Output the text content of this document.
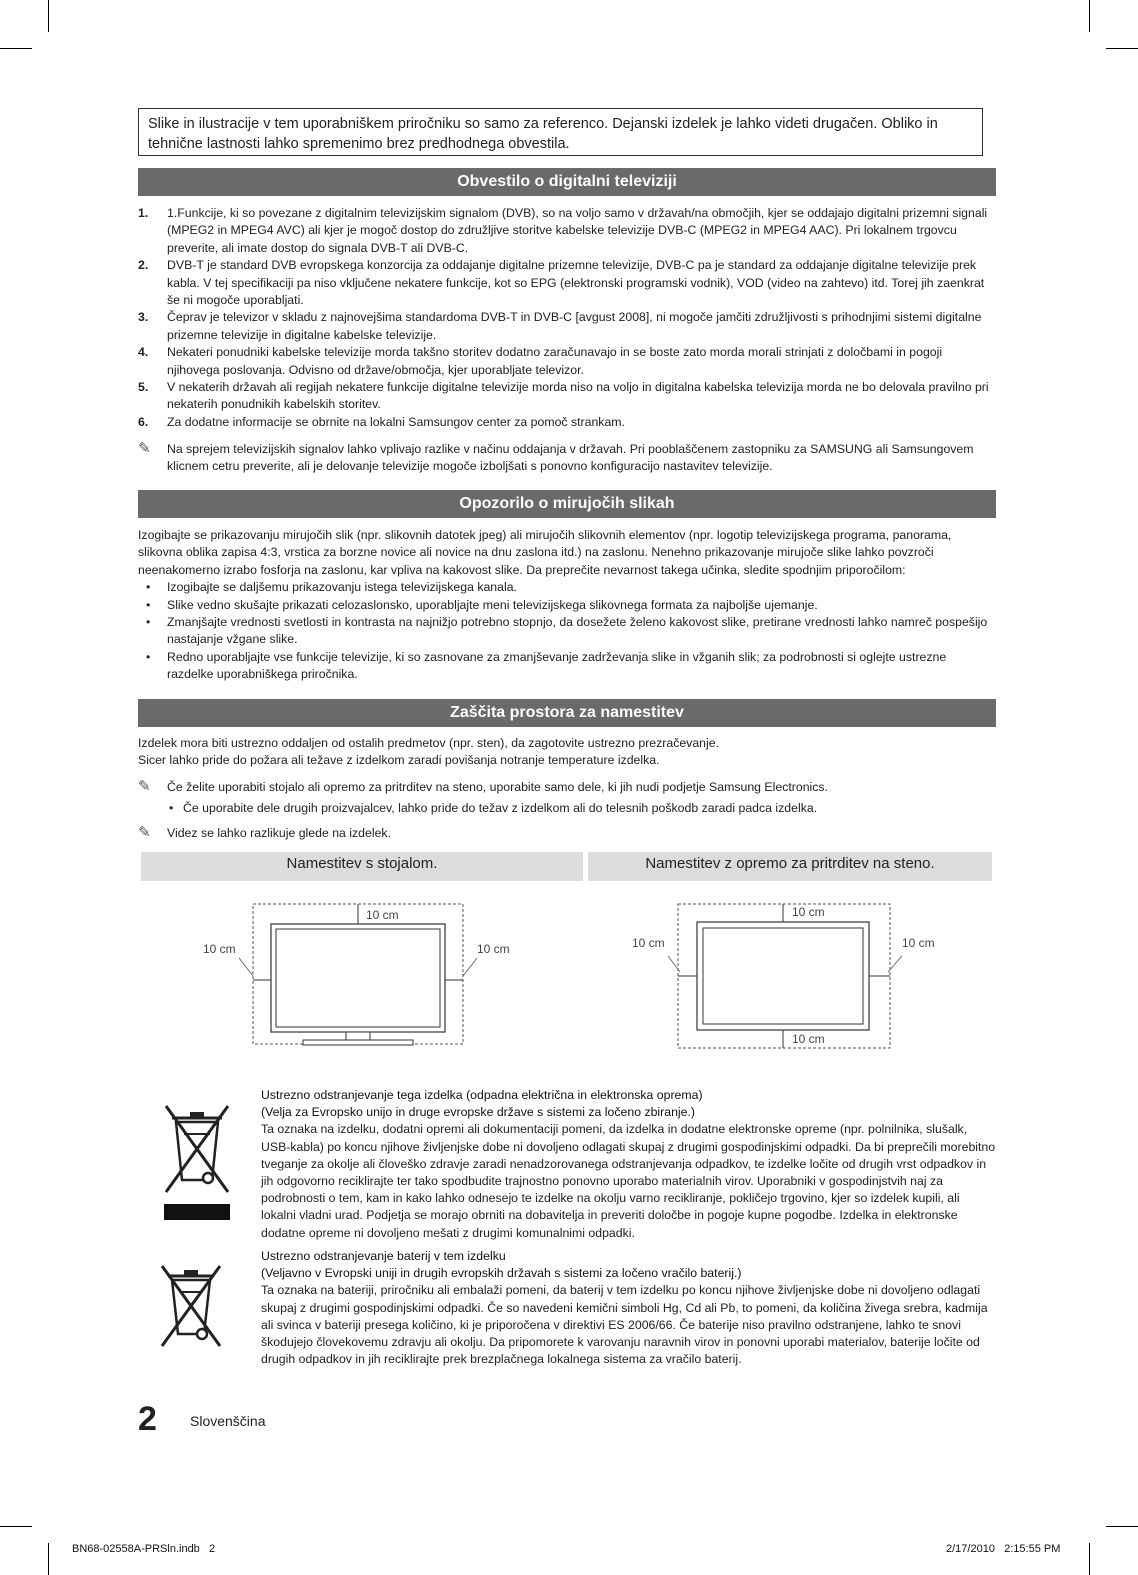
Slike in ilustracije v tem uporabniškem priročniku so samo za referenco. Dejanski izdelek je lahko videti drugačen. Obliko in tehnične lastnosti lahko spremenimo brez predhodnega obvestila.
Obvestilo o digitalni televiziji
1. 1.Funkcije, ki so povezane z digitalnim televizijskim signalom (DVB), so na voljo samo v državah/na območjih, kjer se oddajajo digitalni prizemni signali (MPEG2 in MPEG4 AVC) ali kjer je mogoč dostop do združljive storitve kabelske televizije DVB-C (MPEG2 in MPEG4 AAC). Pri lokalnem trgovcu preverite, ali imate dostop do signala DVB-T ali DVB-C.
2. DVB-T je standard DVB evropskega konzorcija za oddajanje digitalne prizemne televizije, DVB-C pa je standard za oddajanje digitalne televizije prek kabla. V tej specifikaciji pa niso vključene nekatere funkcije, kot so EPG (elektronski programski vodnik), VOD (video na zahtevo) itd. Torej jih zaenkrat še ni mogoče uporabljati.
3. Čeprav je televizor v skladu z najnovejšima standardoma DVB-T in DVB-C [avgust 2008], ni mogoče jamčiti združljivosti s prihodnjimi sistemi digitalne prizemne televizije in digitalne kabelske televizije.
4. Nekateri ponudniki kabelske televizije morda takšno storitev dodatno zaračunavajo in se boste zato morda morali strinjati z določbami in pogoji njihovega poslovanja. Odvisno od države/območja, kjer uporabljate televizor.
5. V nekaterih državah ali regijah nekatere funkcije digitalne televizije morda niso na voljo in digitalna kabelska televizija morda ne bo delovala pravilno pri nekaterih ponudnikih kabelskih storitev.
6. Za dodatne informacije se obrnite na lokalni Samsungov center za pomoč strankam.
✎ Na sprejem televizijskih signalov lahko vplivajo razlike v načinu oddajanja v državah. Pri pooblaščenem zastopniku za SAMSUNG ali Samsungovem klicnem cetru preverite, ali je delovanje televizije mogoče izboljšati s ponovno konfiguracijo nastavitev televizije.
Opozorilo o mirujočih slikah
Izogibajte se prikazovanju mirujočih slik (npr. slikovnih datotek jpeg) ali mirujočih slikovnih elementov (npr. logotip televizijskega programa, panorama, slikovna oblika zapisa 4:3, vrstica za borzne novice ali novice na dnu zaslona itd.) na zaslonu. Nenehno prikazovanje mirujoče slike lahko povzroči neenakomerno izrabo fosforja na zaslonu, kar vpliva na kakovost slike. Da preprečite nevarnost takega učinka, sledite spodnjim priporočilom:
• Izogibajte se daljšemu prikazovanju istega televizijskega kanala.
• Slike vedno skušajte prikazati celozaslonsko, uporabljajte meni televizijskega slikovnega formata za najboljše ujemanje.
• Zmanjšajte vrednosti svetlosti in kontrasta na najnižjo potrebno stopnjo, da dosežete želeno kakovost slike, pretirane vrednosti lahko namreč pospešijo nastajanje vžgane slike.
• Redno uporabljajte vse funkcije televizije, ki so zasnovane za zmanjševanje zadrževanja slike in vžganih slik; za podrobnosti si oglejte ustrezne razdelke uporabniškega priročnika.
Zaščita prostora za namestitev
Izdelek mora biti ustrezno oddaljen od ostalih predmetov (npr. sten), da zagotovite ustrezno prezračevanje.
Sicer lahko pride do požara ali težave z izdelkom zaradi povišanja notranje temperature izdelka.
✎ Če želite uporabiti stojalo ali opremo za pritrditev na steno, uporabite samo dele, ki jih nudi podjetje Samsung Electronics.
• Če uporabite dele drugih proizvajalcev, lahko pride do težav z izdelkom ali do telesnih poškodb zaradi padca izdelka.
✎ Videz se lahko razlikuje glede na izdelek.
Namestitev s stojalom.	Namestitev z opremo za pritrditev na steno.
10 cm
10 cm	10 cm
10 cm
10 cm	10 cm
10 cm
Ustrezno odstranjevanje tega izdelka (odpadna električna in elektronska oprema)
(Velja za Evropsko unijo in druge evropske države s sistemi za ločeno zbiranje.)
Ta oznaka na izdelku, dodatni opremi ali dokumentaciji pomeni, da izdelka in dodatne elektronske opreme (npr. polnilnika, slušalk, USB-kabla) po koncu njihove življenjske dobe ni dovoljeno odlagati skupaj z drugimi gospodinjskimi odpadki. Da bi preprečili morebitno tveganje za okolje ali človeško zdravje zaradi nenadzorovanega odstranjevanja odpadkov, te izdelke ločite od drugih vrst odpadkov in jih odgovorno reciklirajte ter tako spodbudite trajnostno ponovno uporabo materialnih virov. Uporabniki v gospodinjstvih naj za podrobnosti o tem, kam in kako lahko odnesejo te izdelke na okolju varno recikliranje, pokličejo trgovino, kjer so izdelek kupili, ali lokalni vladni urad. Podjetja se morajo obrniti na dobavitelja in preveriti določbe in pogoje kupne pogodbe. Izdelka in elektronske dodatne opreme ni dovoljeno mešati z drugimi komunalnimi odpadki.
Ustrezno odstranjevanje baterij v tem izdelku
(Veljavno v Evropski uniji in drugih evropskih državah s sistemi za ločeno vračilo baterij.)
Ta oznaka na bateriji, priročniku ali embalaži pomeni, da baterij v tem izdelku po koncu njihove življenjske dobe ni dovoljeno odlagati skupaj z drugimi gospodinjskimi odpadki. Če so navedeni kemični simboli Hg, Cd ali Pb, to pomeni, da količina živega srebra, kadmija ali svinca v bateriji presega količino, ki je priporočena v direktivi ES 2006/66. Če baterije niso pravilno odstranjene, lahko te snovi škodujejo človekovemu zdravju ali okolju. Da pripomorete k varovanju naravnih virov in ponovni uporabi materialov, baterije ločite od drugih odpadkov in jih reciklirajte prek brezplačnega lokalnega sistema za vračilo baterij.
2 Slovenščina
BN68-02558A-PRSln.indb   2	2/17/2010   2:15:55 PM
